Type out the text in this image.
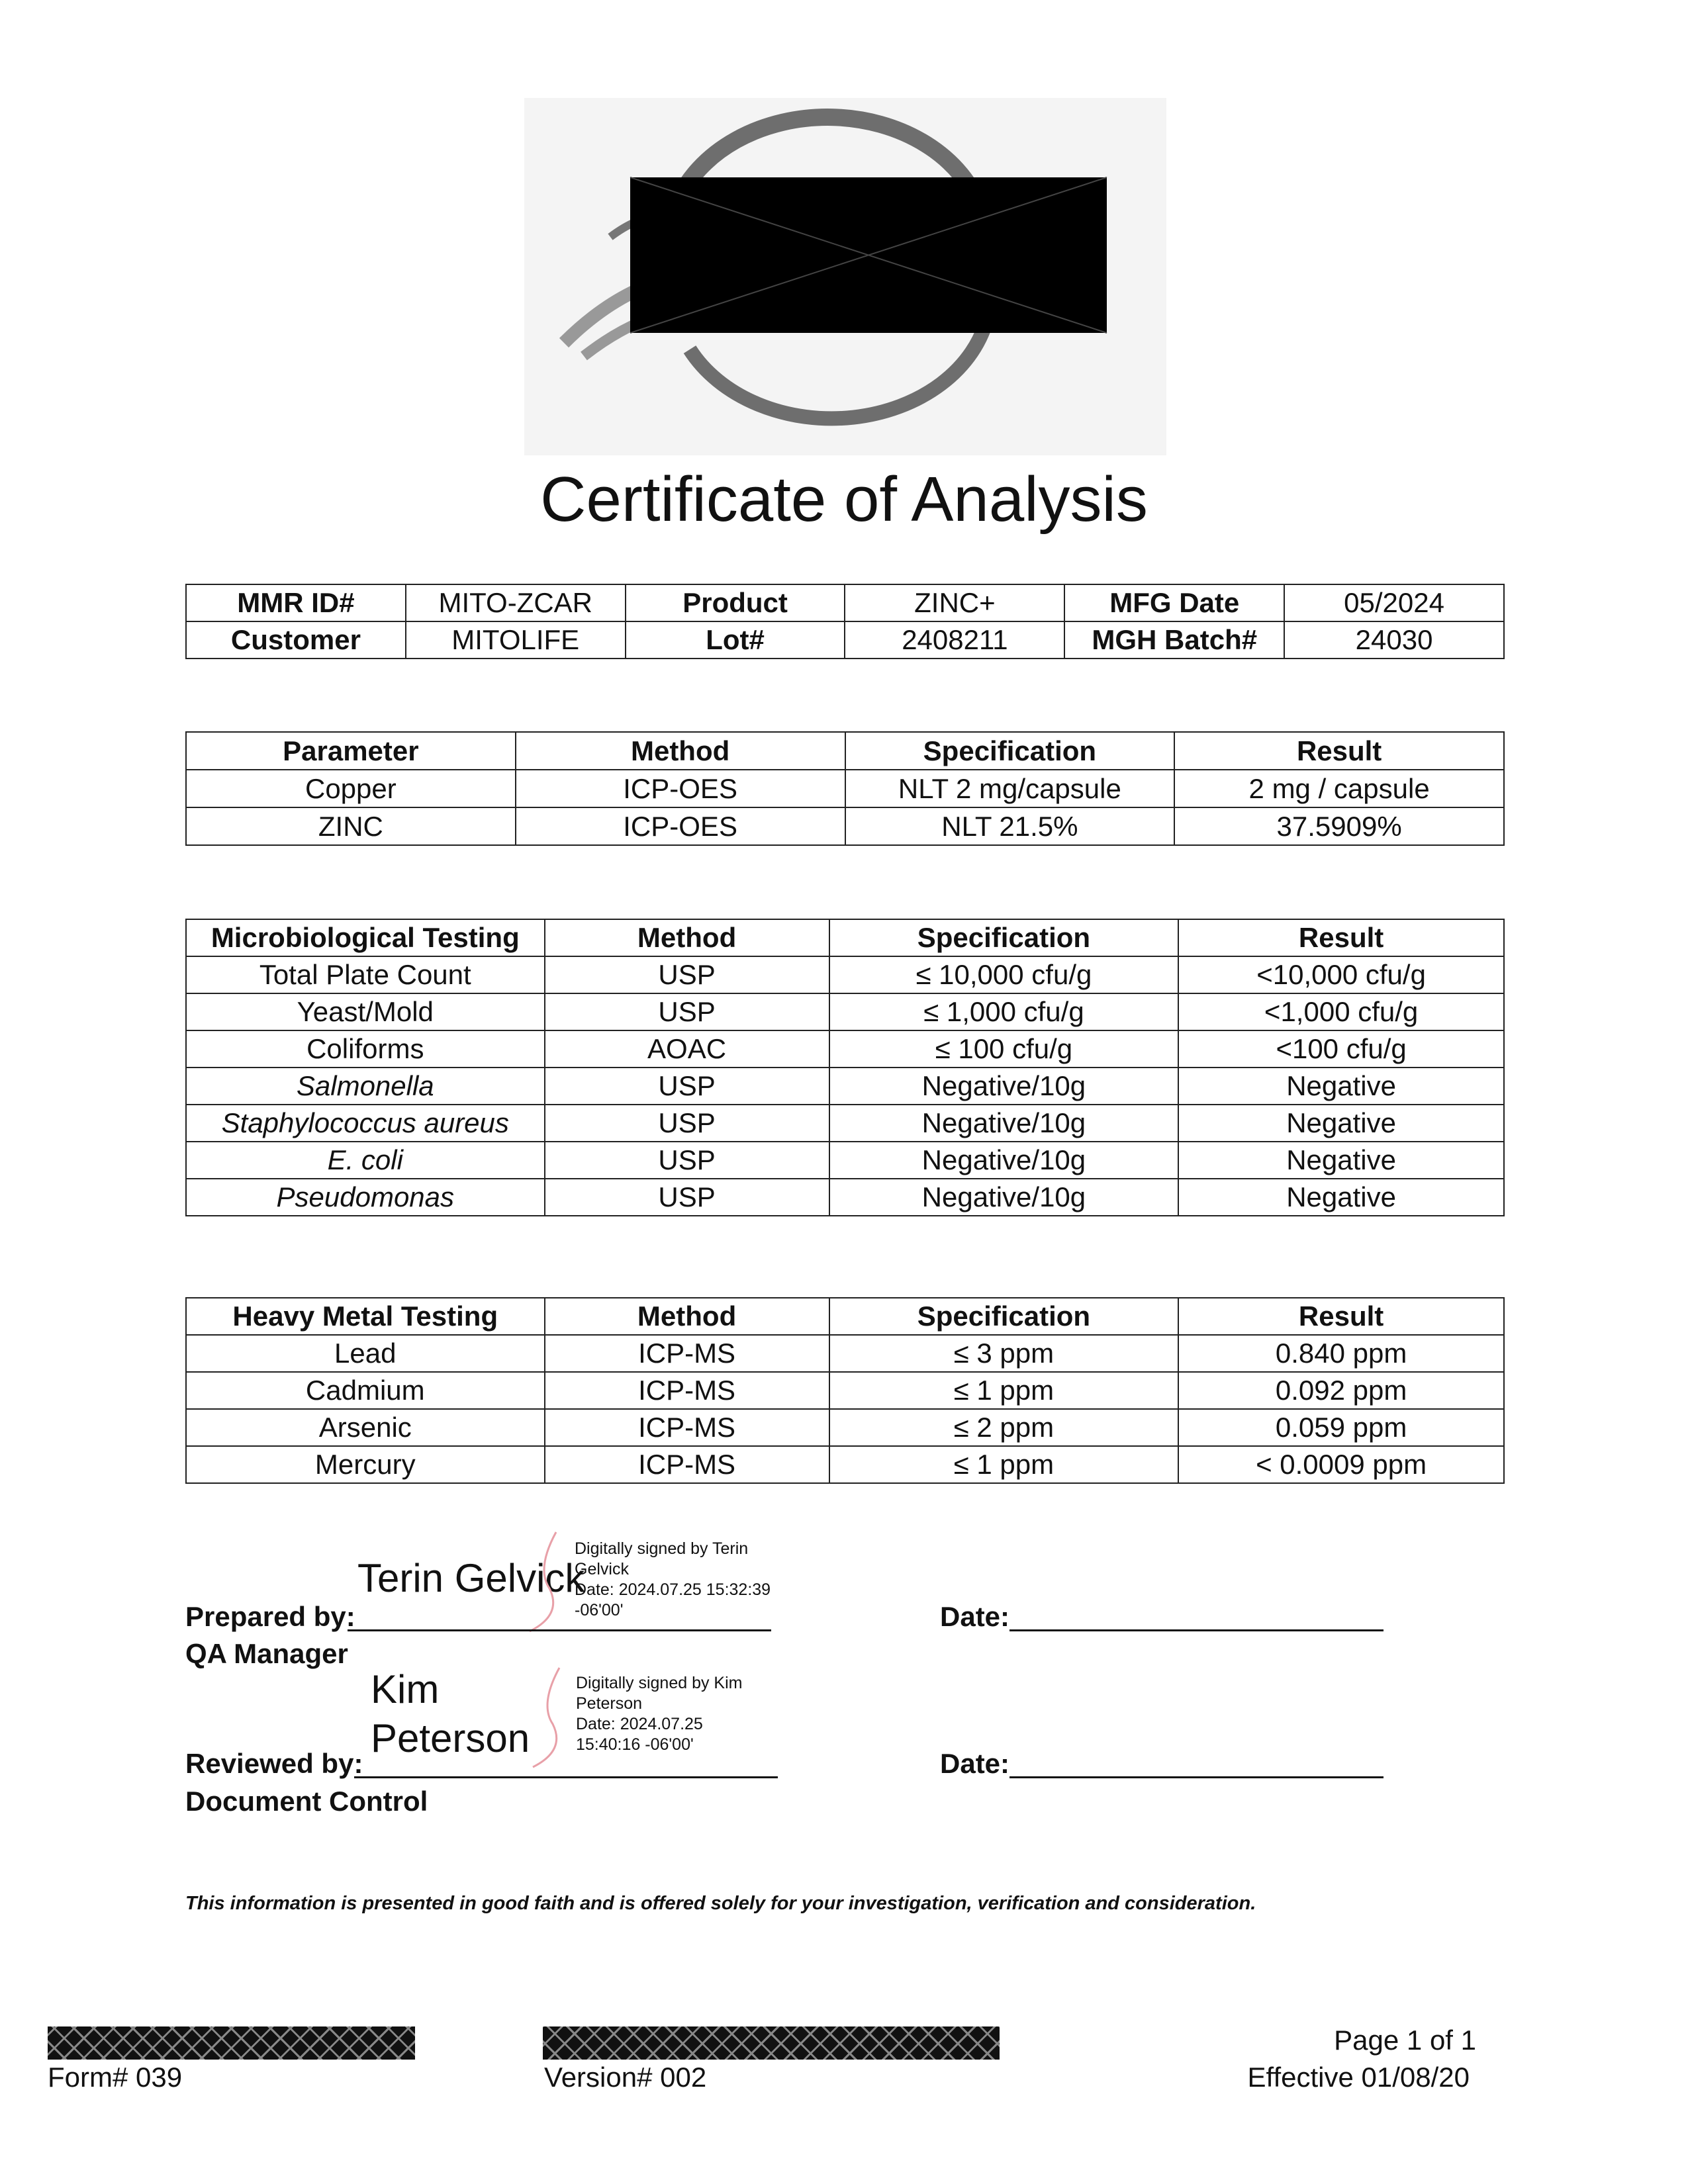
Certificate of Analysis
MMR ID#	MITO-ZCAR	Product	ZINC+	MFG Date	05/2024
Customer	MITOLIFE	Lot#	2408211	MGH Batch#	24030
Parameter	Method	Specification	Result
Copper	ICP-OES	NLT 2 mg/capsule	2 mg / capsule
ZINC	ICP-OES	NLT 21.5%	37.5909%
Microbiological Testing	Method	Specification	Result
Total Plate Count	USP	≤ 10,000 cfu/g	<10,000 cfu/g
Yeast/Mold	USP	≤ 1,000 cfu/g	<1,000 cfu/g
Coliforms	AOAC	≤ 100 cfu/g	<100 cfu/g
Salmonella	USP	Negative/10g	Negative
Staphylococcus aureus	USP	Negative/10g	Negative
E. coli	USP	Negative/10g	Negative
Pseudomonas	USP	Negative/10g	Negative
Heavy Metal Testing	Method	Specification	Result
Lead	ICP-MS	≤ 3 ppm	0.840 ppm
Cadmium	ICP-MS	≤ 1 ppm	0.092 ppm
Arsenic	ICP-MS	≤ 2 ppm	0.059 ppm
Mercury	ICP-MS	≤ 1 ppm	< 0.0009 ppm
Terin Gelvick
Digitally signed by Terin
Gelvick
Date: 2024.07.25 15:32:39
-06'00'
Prepared by:
QA Manager
Date:
Kim
Peterson
Digitally signed by Kim
Peterson
Date: 2024.07.25
15:40:16 -06'00'
Reviewed by:
Document Control
Date:
This information is presented in good faith and is offered solely for your investigation, verification and consideration.
Form# 039	Version# 002
Page 1 of 1
Effective 01/08/20
